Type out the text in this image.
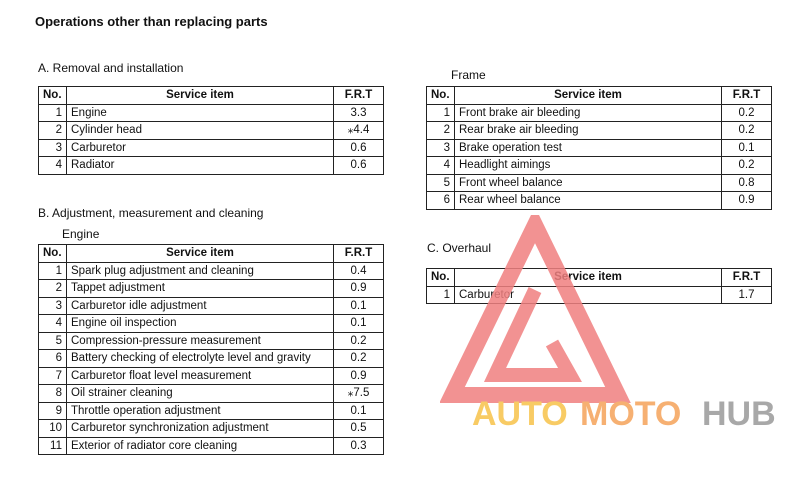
Operations other than replacing parts
A. Removal and installation
No.	Service item	F.R.T
1	Engine	3.3
2	Cylinder head	⁎4.4
3	Carburetor	0.6
4	Radiator	0.6
Frame
No.	Service item	F.R.T
1	Front brake air bleeding	0.2
2	Rear brake air bleeding	0.2
3	Brake operation test	0.1
4	Headlight aimings	0.2
5	Front wheel balance	0.8
6	Rear wheel balance	0.9
B. Adjustment, measurement and cleaning
Engine
No.	Service item	F.R.T
1	Spark plug adjustment and cleaning	0.4
2	Tappet adjustment	0.9
3	Carburetor idle adjustment	0.1
4	Engine oil inspection	0.1
5	Compression-pressure measurement	0.2
6	Battery checking of electrolyte level and gravity	0.2
7	Carburetor float level measurement	0.9
8	Oil strainer cleaning	⁎7.5
9	Throttle operation adjustment	0.1
10	Carburetor synchronization adjustment	0.5
11	Exterior of radiator core cleaning	0.3
C. Overhaul
No.	Service item	F.R.T
1	Carburetor	1.7
AUTO MOTO HUB
